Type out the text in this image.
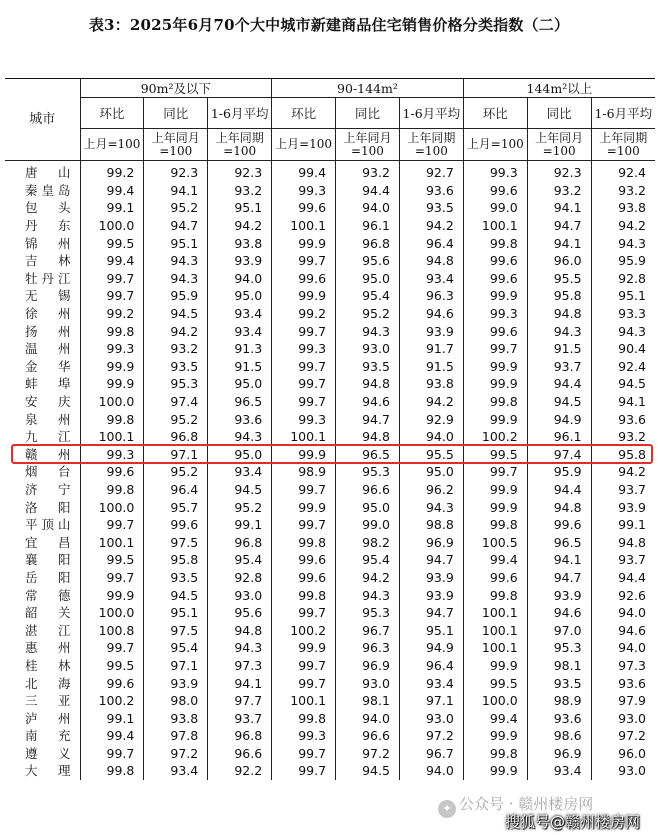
表3：2025年6月70个大中城市新建商品住宅销售价格分类指数（二）
城市	90m²及以下			90-144m²			144m²以上		
	环比	同比	1-6月平均	环比	同比	1-6月平均	环比	同比	1-6月平均
	上月=100	上年同月=100	上年同期=100	上月=100	上年同月=100	上年同期=100	上月=100	上年同月=100	上年同期=100
唐山	99.2	92.3	92.3	99.4	93.2	92.7	99.3	92.3	92.4
秦皇岛	99.4	94.1	93.2	99.3	94.4	93.6	99.6	93.2	93.2
包头	99.1	95.2	95.1	99.6	94.0	93.5	99.0	94.1	93.8
丹东	100.0	94.7	94.2	100.1	96.1	94.2	100.1	94.7	94.2
锦州	99.5	95.1	93.8	99.9	96.8	96.4	99.8	94.1	94.3
吉林	99.4	94.3	93.9	99.7	95.6	94.8	99.6	96.0	95.9
牡丹江	99.7	94.3	94.0	99.6	95.0	93.4	99.6	95.5	92.8
无锡	99.7	95.9	95.0	99.9	95.4	96.3	99.9	95.8	95.1
徐州	99.2	94.5	93.4	99.2	95.2	94.6	99.3	94.8	93.3
扬州	99.8	94.2	93.4	99.7	94.3	93.9	99.6	94.3	94.3
温州	99.3	93.2	91.3	99.3	93.0	91.7	99.7	91.5	90.4
金华	99.9	93.5	91.5	99.7	93.5	91.5	99.9	93.7	92.4
蚌埠	99.9	95.3	95.0	99.7	94.8	93.8	99.9	94.4	94.5
安庆	100.0	97.4	96.5	99.7	94.6	94.2	99.8	94.5	94.1
泉州	99.8	95.2	93.6	99.3	94.7	92.9	99.9	94.9	93.6
九江	100.1	96.8	94.3	100.1	94.8	94.0	100.2	96.1	93.2
赣州	99.3	97.1	95.0	99.9	96.5	95.5	99.5	97.4	95.8
烟台	99.6	95.2	93.4	98.9	95.3	95.0	99.7	95.9	94.2
济宁	99.8	96.4	94.5	99.7	96.6	96.2	99.9	94.4	93.7
洛阳	100.0	95.7	95.2	99.9	95.0	94.3	99.9	94.8	93.9
平顶山	99.7	99.6	99.1	99.7	99.0	98.8	99.8	99.6	99.1
宜昌	100.1	97.5	96.8	99.8	98.2	96.9	100.5	96.5	94.8
襄阳	99.5	95.8	95.4	99.6	95.4	94.7	99.4	94.1	93.7
岳阳	99.7	93.5	92.8	99.6	94.2	93.9	99.6	94.7	94.4
常德	99.9	94.5	93.0	99.8	94.3	93.9	99.8	93.9	92.6
韶关	100.0	95.1	95.6	99.7	95.3	94.7	100.1	94.6	94.0
湛江	100.8	97.5	94.8	100.2	96.7	95.1	100.1	97.0	94.6
惠州	99.7	95.4	94.3	99.9	96.3	94.9	100.1	95.3	94.0
桂林	99.5	97.1	97.3	99.7	96.9	96.4	99.9	98.1	97.3
北海	99.6	93.9	94.1	99.7	93.0	93.4	99.5	93.5	93.6
三亚	100.2	98.0	97.7	100.1	98.1	97.1	100.0	98.9	97.9
泸州	99.1	93.8	93.7	99.8	94.0	93.0	99.4	93.6	93.0
南充	99.4	97.8	96.8	99.3	96.6	97.2	99.9	98.6	97.2
遵义	99.7	97.2	96.6	99.7	97.2	96.7	99.8	96.9	96.0
大理	99.8	93.4	92.2	99.7	94.5	94.0	99.9	93.4	93.0
✦ 公众号 · 赣州楼房网
搜狐号@赣州楼房网
